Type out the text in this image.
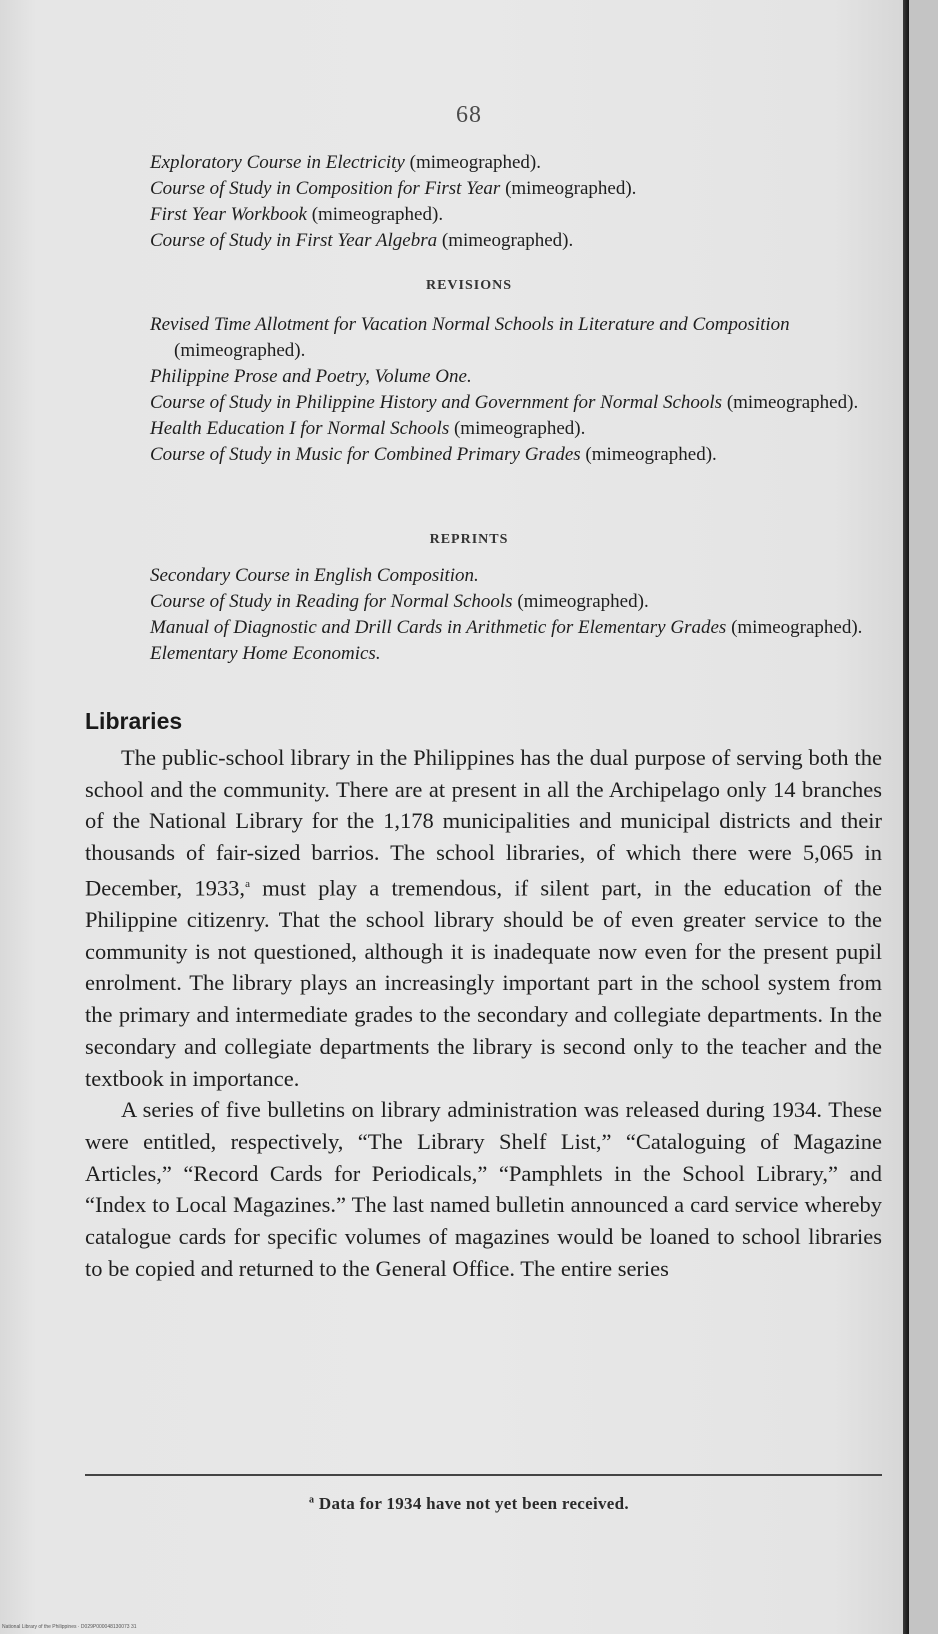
68

Exploratory Course in Electricity (mimeographed).

Course of Study in Composition for First Year (mimeographed).

First Year Workbook (mimeographed).

Course of Study in First Year Algebra (mimeographed).

REVISIONS

Revised Time Allotment for Vacation Normal Schools in Literature and Composition (mimeographed).

Philippine Prose and Poetry, Volume One.

Course of Study in Philippine History and Government for Normal Schools (mimeographed).

Health Education I for Normal Schools (mimeographed).

Course of Study in Music for Combined Primary Grades (mimeographed).

REPRINTS

Secondary Course in English Composition.

Course of Study in Reading for Normal Schools (mimeographed).

Manual of Diagnostic and Drill Cards in Arithmetic for Elementary Grades (mimeographed).

Elementary Home Economics.

Libraries

The public-school library in the Philippines has the dual purpose of serving both the school and the community. There are at present in all the Archipelago only 14 branches of the National Library for the 1,178 municipalities and municipal districts and their thousands of fair-sized barrios. The school libraries, of which there were 5,065 in December, 1933,$^a$ must play a tremendous, if silent part, in the education of the Philippine citizenry. That the school library should be of even greater service to the community is not questioned, although it is inadequate now even for the present pupil enrolment. The library plays an increasingly important part in the school system from the primary and intermediate grades to the secondary and collegiate departments. In the secondary and collegiate departments the library is second only to the teacher and the textbook in importance.

A series of five bulletins on library administration was released during 1934. These were entitled, respectively, “The Library Shelf List,” “Cataloguing of Magazine Articles,” “Record Cards for Periodicals,” “Pamphlets in the School Library,” and “Index to Local Magazines.” The last named bulletin announced a card service whereby catalogue cards for specific volumes of magazines would be loaned to school libraries to be copied and returned to the General Office. The entire series

$^a$ Data for 1934 have not yet been received.
National Library of the Philippines · D029P000048130073 31
